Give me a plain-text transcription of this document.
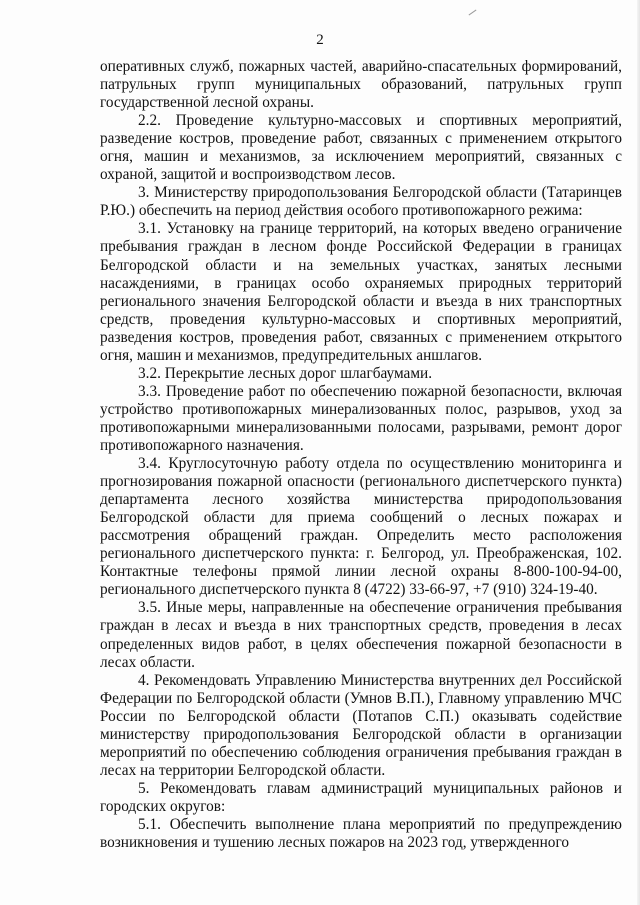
2

оперативных служб, пожарных частей, аварийно-спасательных формирований, патрульных групп муниципальных образований, патрульных групп государственной лесной охраны.

2.2. Проведение культурно-массовых и спортивных мероприятий, разведение костров, проведение работ, связанных с применением открытого огня, машин и механизмов, за исключением мероприятий, связанных с охраной, защитой и воспроизводством лесов.

3. Министерству природопользования Белгородской области (Татаринцев Р.Ю.) обеспечить на период действия особого противопожарного режима:

3.1. Установку на границе территорий, на которых введено ограничение пребывания граждан в лесном фонде Российской Федерации в границах Белгородской области и на земельных участках, занятых лесными насаждениями, в границах особо охраняемых природных территорий регионального значения Белгородской области и въезда в них транспортных средств, проведения культурно-массовых и спортивных мероприятий, разведения костров, проведения работ, связанных с применением открытого огня, машин и механизмов, предупредительных аншлагов.

3.2. Перекрытие лесных дорог шлагбаумами.

3.3. Проведение работ по обеспечению пожарной безопасности, включая устройство противопожарных минерализованных полос, разрывов, уход за противопожарными минерализованными полосами, разрывами, ремонт дорог противопожарного назначения.

3.4. Круглосуточную работу отдела по осуществлению мониторинга и прогнозирования пожарной опасности (регионального диспетчерского пункта) департамента лесного хозяйства министерства природопользования Белгородской области для приема сообщений о лесных пожарах и рассмотрения обращений граждан. Определить место расположения регионального диспетчерского пункта: г. Белгород, ул. Преображенская, 102. Контактные телефоны прямой линии лесной охраны 8-800-100-94-00, регионального диспетчерского пункта 8 (4722) 33-66-97, +7 (910) 324-19-40.

3.5. Иные меры, направленные на обеспечение ограничения пребывания граждан в лесах и въезда в них транспортных средств, проведения в лесах определенных видов работ, в целях обеспечения пожарной безопасности в лесах области.

4. Рекомендовать Управлению Министерства внутренних дел Российской Федерации по Белгородской области (Умнов В.П.), Главному управлению МЧС России по Белгородской области (Потапов С.П.) оказывать содействие министерству природопользования Белгородской области в организации мероприятий по обеспечению соблюдения ограничения пребывания граждан в лесах на территории Белгородской области.

5. Рекомендовать главам администраций муниципальных районов и городских округов:

5.1. Обеспечить выполнение плана мероприятий по предупреждению возникновения и тушению лесных пожаров на 2023 год, утвержденного
